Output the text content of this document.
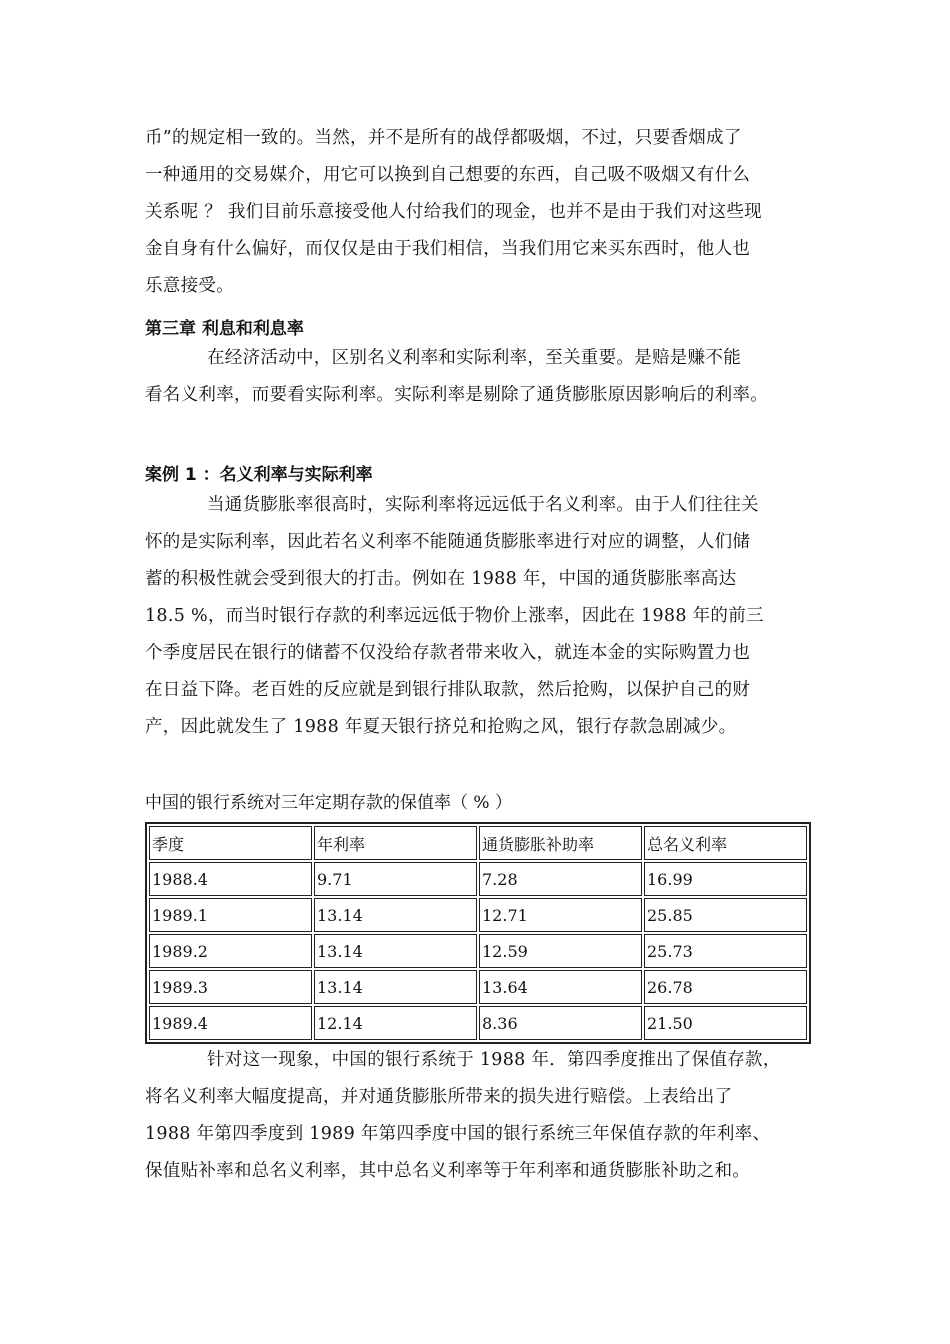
币”的规定相一致的。当然，并不是所有的战俘都吸烟，不过，只要香烟成了

一种通用的交易媒介，用它可以换到自己想要的东西，自己吸不吸烟又有什么

关系呢 ？ 我们目前乐意接受他人付给我们的现金，也并不是由于我们对这些现

金自身有什么偏好，而仅仅是由于我们相信，当我们用它来买东西时，他人也

乐意接受。

第三章 利息和利息率

在经济活动中，区别名义利率和实际利率，至关重要。是赔是赚不能

看名义利率，而要看实际利率。实际利率是剔除了通货膨胀原因影响后的利率。

案例 1 ：名义利率与实际利率

当通货膨胀率很高时，实际利率将远远低于名义利率。由于人们往往关

怀的是实际利率，因此若名义利率不能随通货膨胀率进行对应的调整，人们储

蓄的积极性就会受到很大的打击。例如在 1988 年，中国的通货膨胀率高达

18.5 %，而当时银行存款的利率远远低于物价上涨率，因此在 1988 年的前三

个季度居民在银行的储蓄不仅没给存款者带来收入，就连本金的实际购置力也

在日益下降。老百姓的反应就是到银行排队取款，然后抢购，以保护自己的财

产，因此就发生了 1988 年夏天银行挤兑和抢购之风，银行存款急剧减少。

中国的银行系统对三年定期存款的保值率（ % ）
季度	年利率	通货膨胀补助率	总名义利率
1988.4	9.71	7.28	16.99
1989.1	13.14	12.71	25.85
1989.2	13.14	12.59	25.73
1989.3	13.14	13.64	26.78
1989.4	12.14	8.36	21.50

针对这一现象，中国的银行系统于 1988 年．第四季度推出了保值存款，

将名义利率大幅度提高，并对通货膨胀所带来的损失进行赔偿。上表给出了

1988 年第四季度到 1989 年第四季度中国的银行系统三年保值存款的年利率、

保值贴补率和总名义利率，其中总名义利率等于年利率和通货膨胀补助之和。
